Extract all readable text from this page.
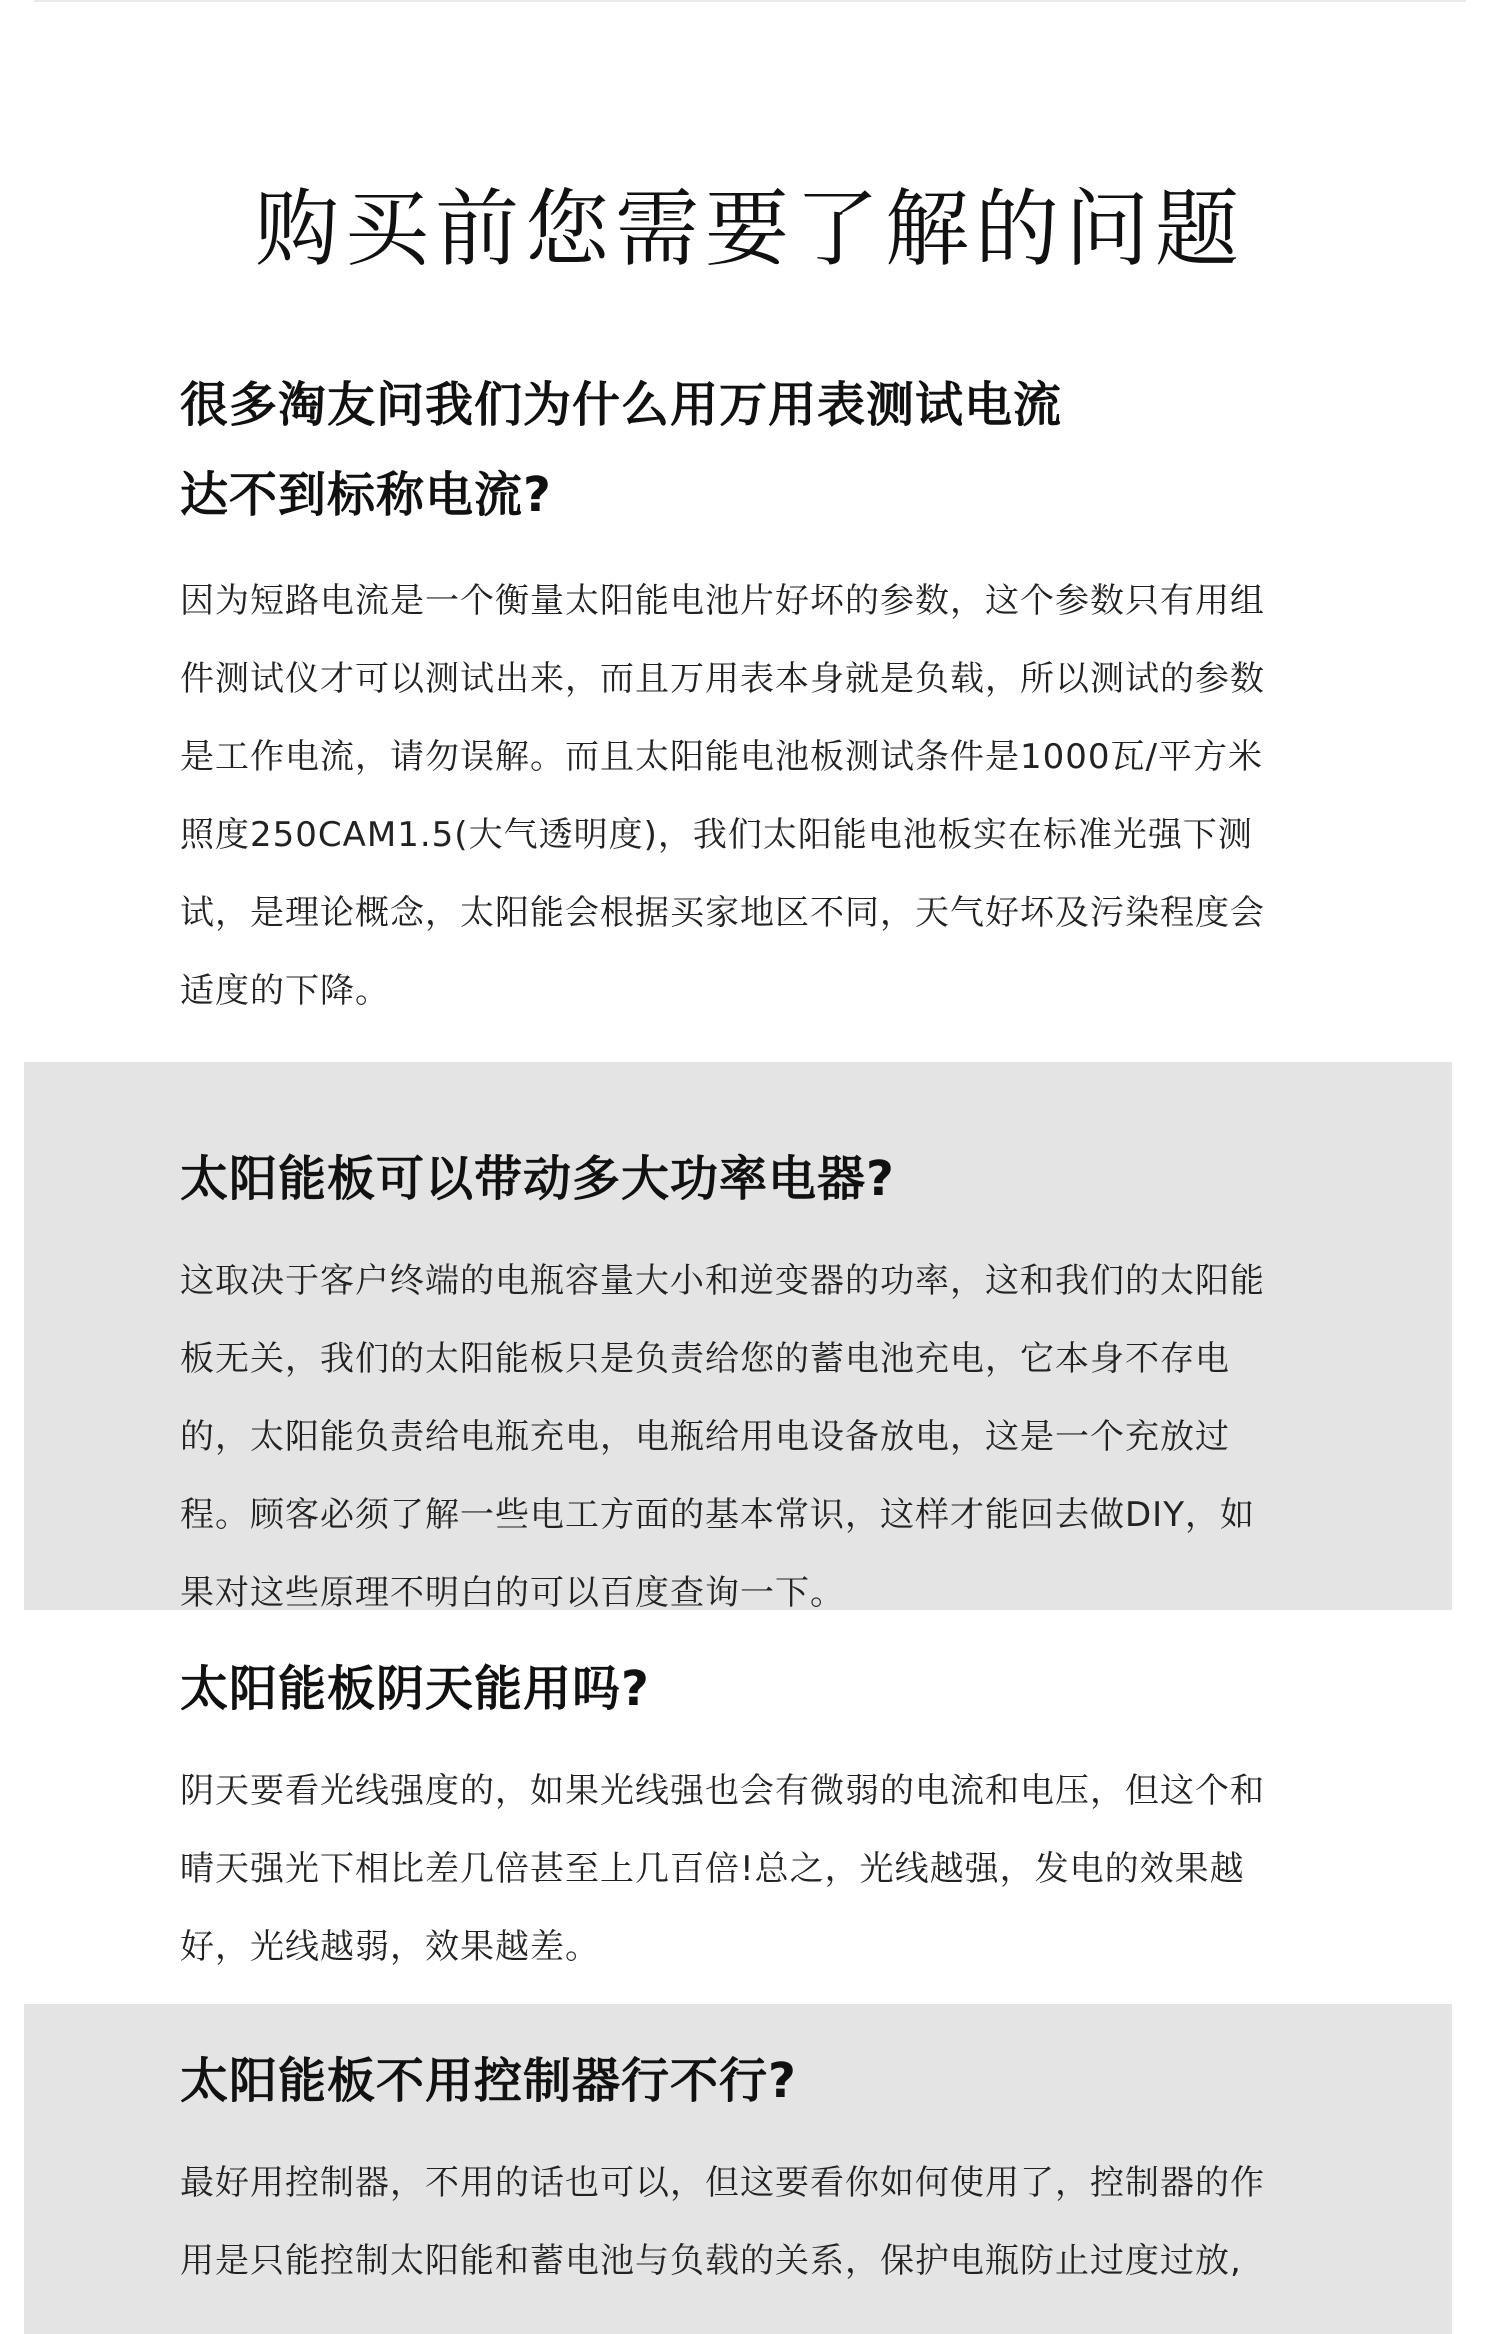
购买前您需要了解的问题
很多淘友问我们为什么用万用表测试电流
达不到标称电流?

因为短路电流是一个衡量太阳能电池片好坏的参数，这个参数只有用组
件测试仪才可以测试出来，而且万用表本身就是负载，所以测试的参数
是工作电流，请勿误解。而且太阳能电池板测试条件是1000瓦/平方米
照度250CAM1.5(大气透明度)，我们太阳能电池板实在标准光强下测
试，是理论概念，太阳能会根据买家地区不同，天气好坏及污染程度会
适度的下降。

太阳能板可以带动多大功率电器?

这取决于客户终端的电瓶容量大小和逆变器的功率，这和我们的太阳能
板无关，我们的太阳能板只是负责给您的蓄电池充电，它本身不存电
的，太阳能负责给电瓶充电，电瓶给用电设备放电，这是一个充放过
程。顾客必须了解一些电工方面的基本常识，这样才能回去做DIY，如
果对这些原理不明白的可以百度查询一下。

太阳能板阴天能用吗?

阴天要看光线强度的，如果光线强也会有微弱的电流和电压，但这个和
晴天强光下相比差几倍甚至上几百倍!总之，光线越强，发电的效果越
好，光线越弱，效果越差。

太阳能板不用控制器行不行?

最好用控制器，不用的话也可以，但这要看你如何使用了，控制器的作
用是只能控制太阳能和蓄电池与负载的关系，保护电瓶防止过度过放,
